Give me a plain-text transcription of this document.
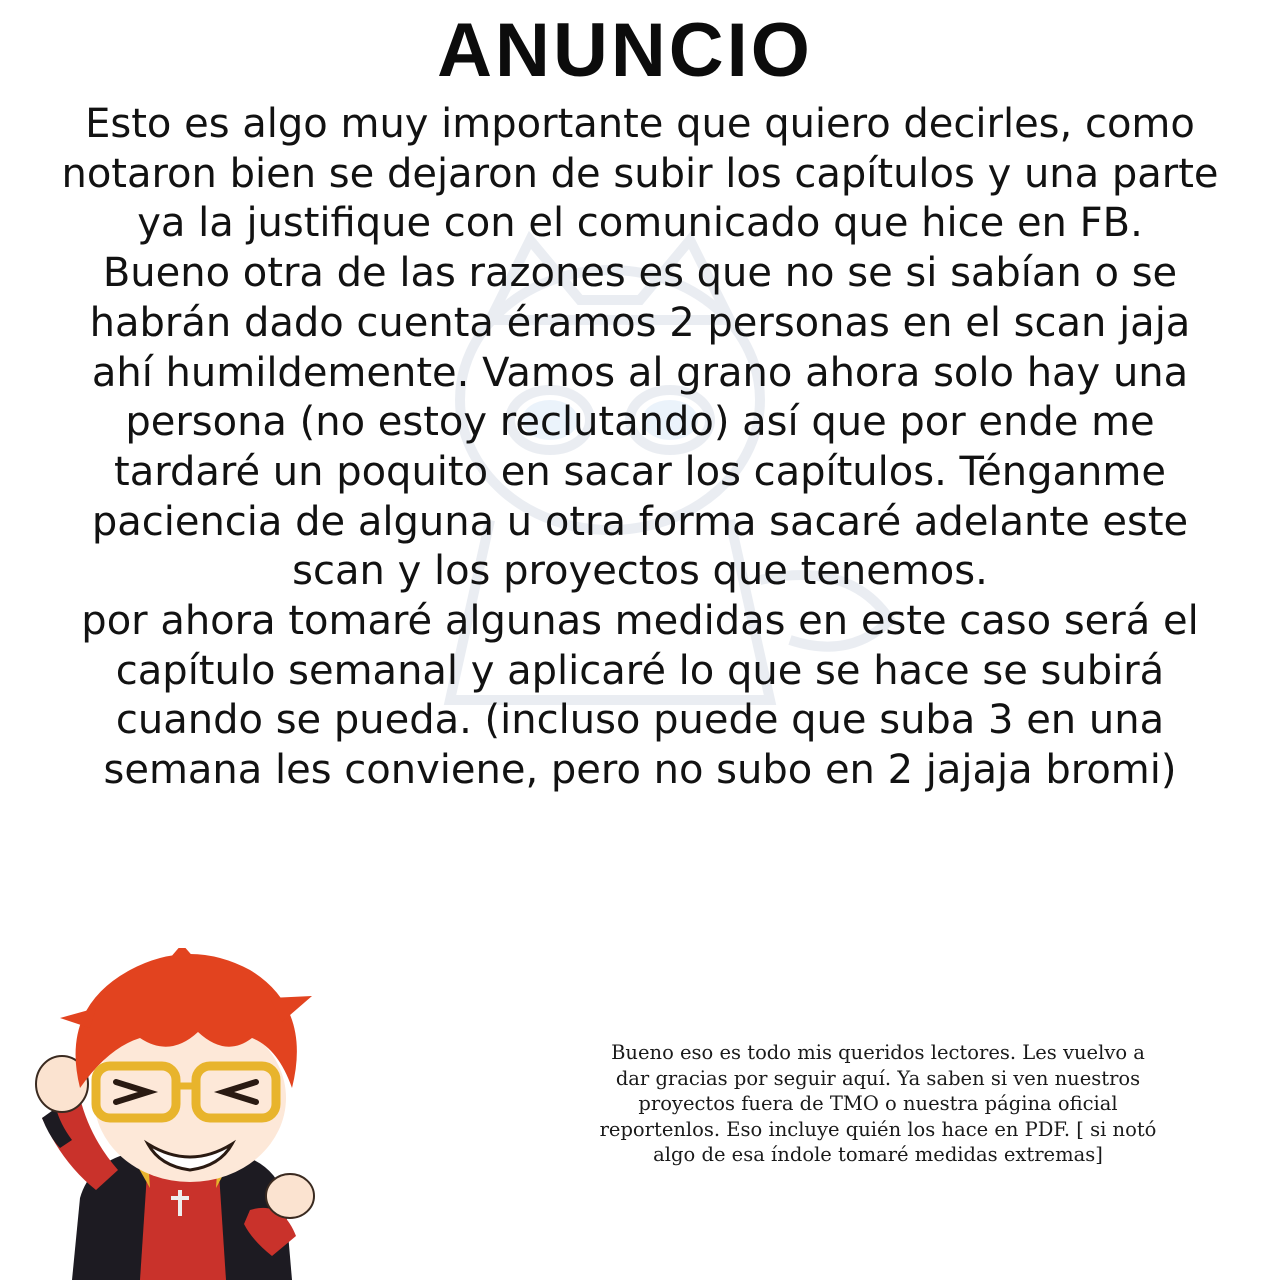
ANUNCIO

Esto es algo muy importante que quiero decirles, como notaron bien se dejaron de subir los capítulos y una parte ya la justifique con el comunicado que hice en FB.

Bueno otra de las razones es que no se si sabían o se habrán dado cuenta éramos 2 personas en el scan jaja ahí humildemente. Vamos al grano ahora solo hay una persona (no estoy reclutando) así que por ende me tardaré un poquito en sacar los capítulos. Ténganme paciencia de alguna u otra forma sacaré adelante este scan y los proyectos que tenemos.

por ahora tomaré algunas medidas en este caso será el capítulo semanal y aplicaré lo que se hace se subirá cuando se pueda. (incluso puede que suba 3 en una semana les conviene, pero no subo en 2 jajaja bromi)

Bueno eso es todo mis queridos lectores. Les vuelvo a dar gracias por seguir aquí. Ya saben si ven nuestros proyectos fuera de TMO o nuestra página oficial reportenlos. Eso incluye quién los hace en PDF. [ si notó algo de esa índole tomaré medidas extremas]
